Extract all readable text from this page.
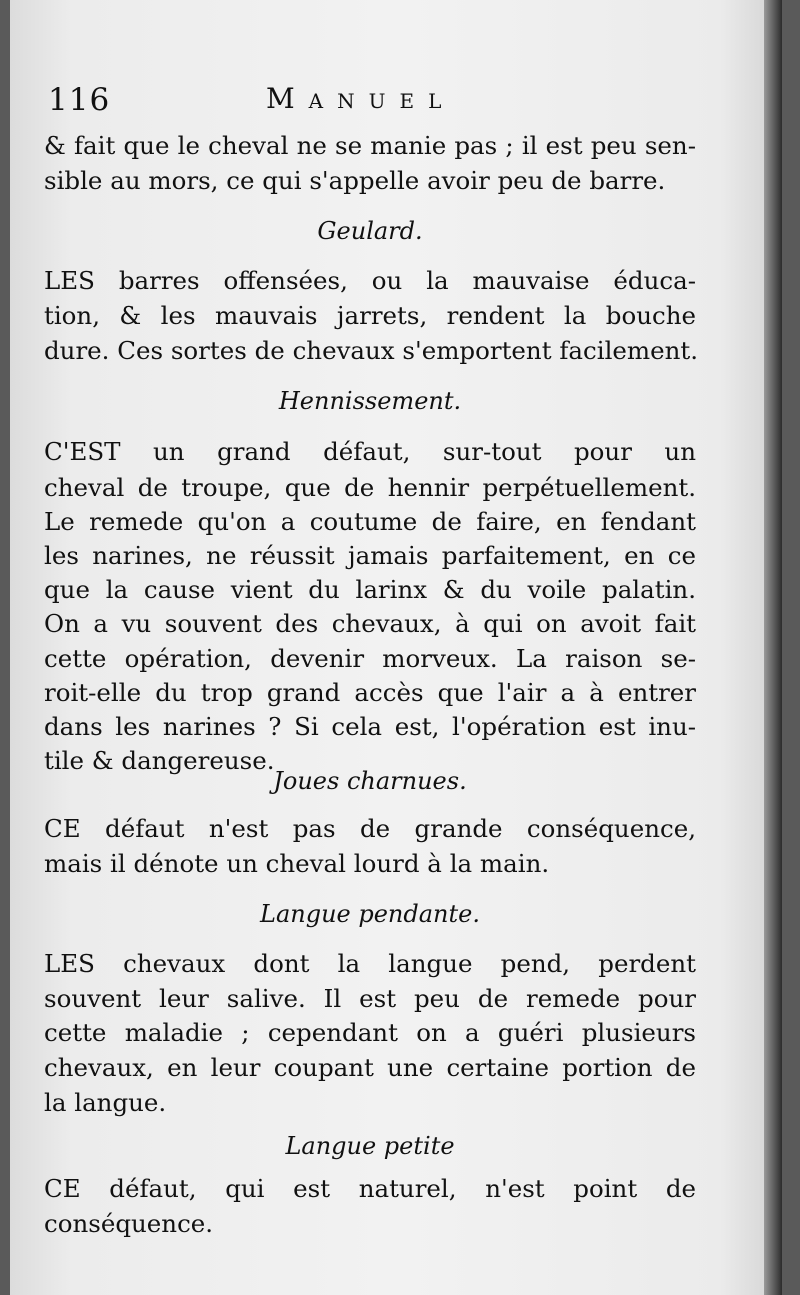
116	Manuel
& fait que le cheval ne se manie pas ; il est peu sen-
sible au mors, ce qui s'appelle avoir peu de barre.
Geulard.
LES barres offensées, ou la mauvaise éduca-
tion, & les mauvais jarrets, rendent la bouche
dure. Ces sortes de chevaux s'emportent facilement.
Hennissement.
C'EST un grand défaut, sur-tout pour un
cheval de troupe, que de hennir perpétuellement.
Le remede qu'on a coutume de faire, en fendant
les narines, ne réussit jamais parfaitement, en ce
que la cause vient du larinx & du voile palatin.
On a vu souvent des chevaux, à qui on avoit fait
cette opération, devenir morveux. La raison se-
roit-elle du trop grand accès que l'air a à entrer
dans les narines ? Si cela est, l'opération est inu-
tile & dangereuse.
Joues charnues.
CE défaut n'est pas de grande conséquence,
mais il dénote un cheval lourd à la main.
Langue pendante.
LES chevaux dont la langue pend, perdent
souvent leur salive. Il est peu de remede pour
cette maladie ; cependant on a guéri plusieurs
chevaux, en leur coupant une certaine portion de
la langue.
Langue petite
CE défaut, qui est naturel, n'est point de
conséquence.
